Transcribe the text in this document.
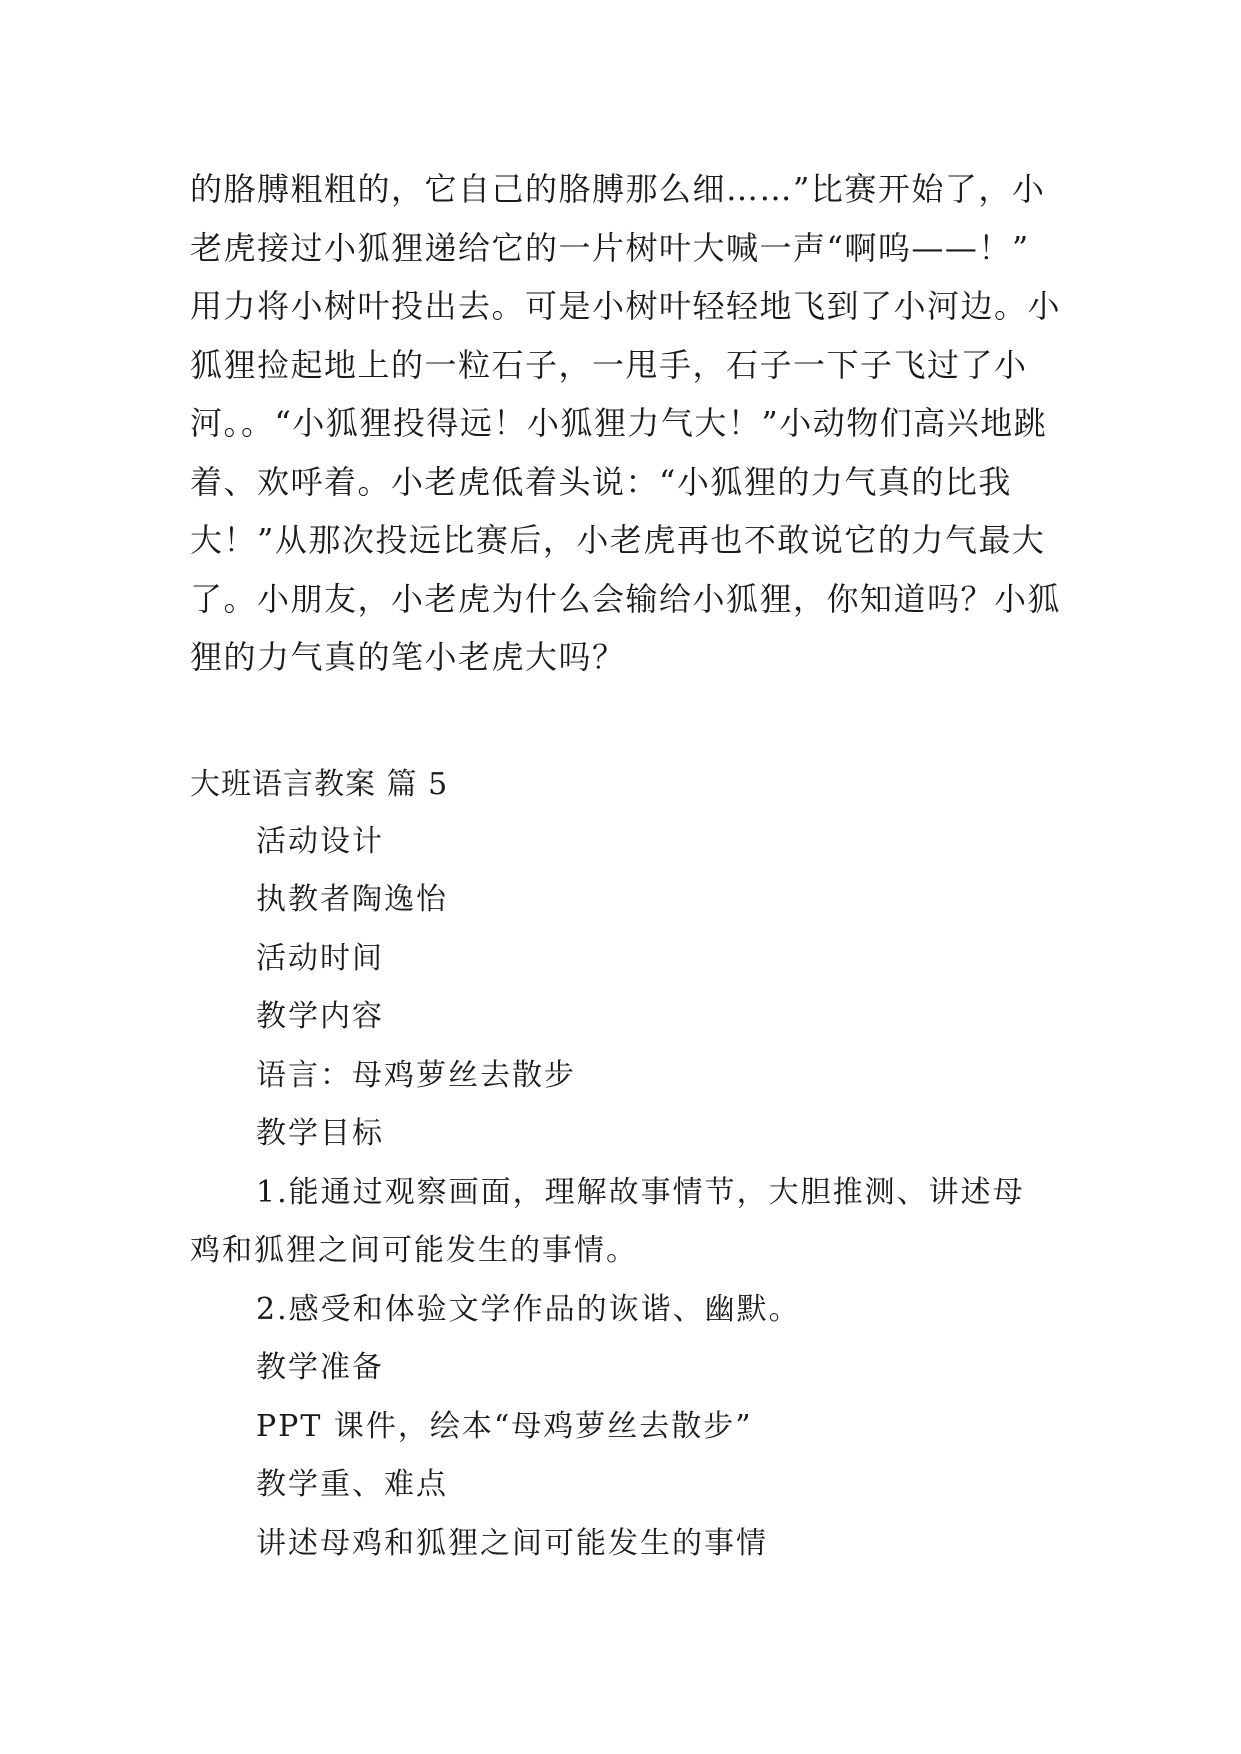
的胳膊粗粗的，它自己的胳膊那么细……”比赛开始了，小
老虎接过小狐狸递给它的一片树叶大喊一声“啊呜——！”
用力将小树叶投出去。可是小树叶轻轻地飞到了小河边。小
狐狸捡起地上的一粒石子，一甩手，石子一下子飞过了小
河。。“小狐狸投得远！小狐狸力气大！”小动物们高兴地跳
着、欢呼着。小老虎低着头说：“小狐狸的力气真的比我
大！”从那次投远比赛后，小老虎再也不敢说它的力气最大
了。小朋友，小老虎为什么会输给小狐狸，你知道吗？小狐
狸的力气真的笔小老虎大吗？

大班语言教案 篇 5
活动设计
执教者陶逸怡
活动时间
教学内容
语言：母鸡萝丝去散步
教学目标
1.能通过观察画面，理解故事情节，大胆推测、讲述母
鸡和狐狸之间可能发生的事情。
2.感受和体验文学作品的诙谐、幽默。
教学准备
PPT 课件，绘本“母鸡萝丝去散步”
教学重、难点
讲述母鸡和狐狸之间可能发生的事情
